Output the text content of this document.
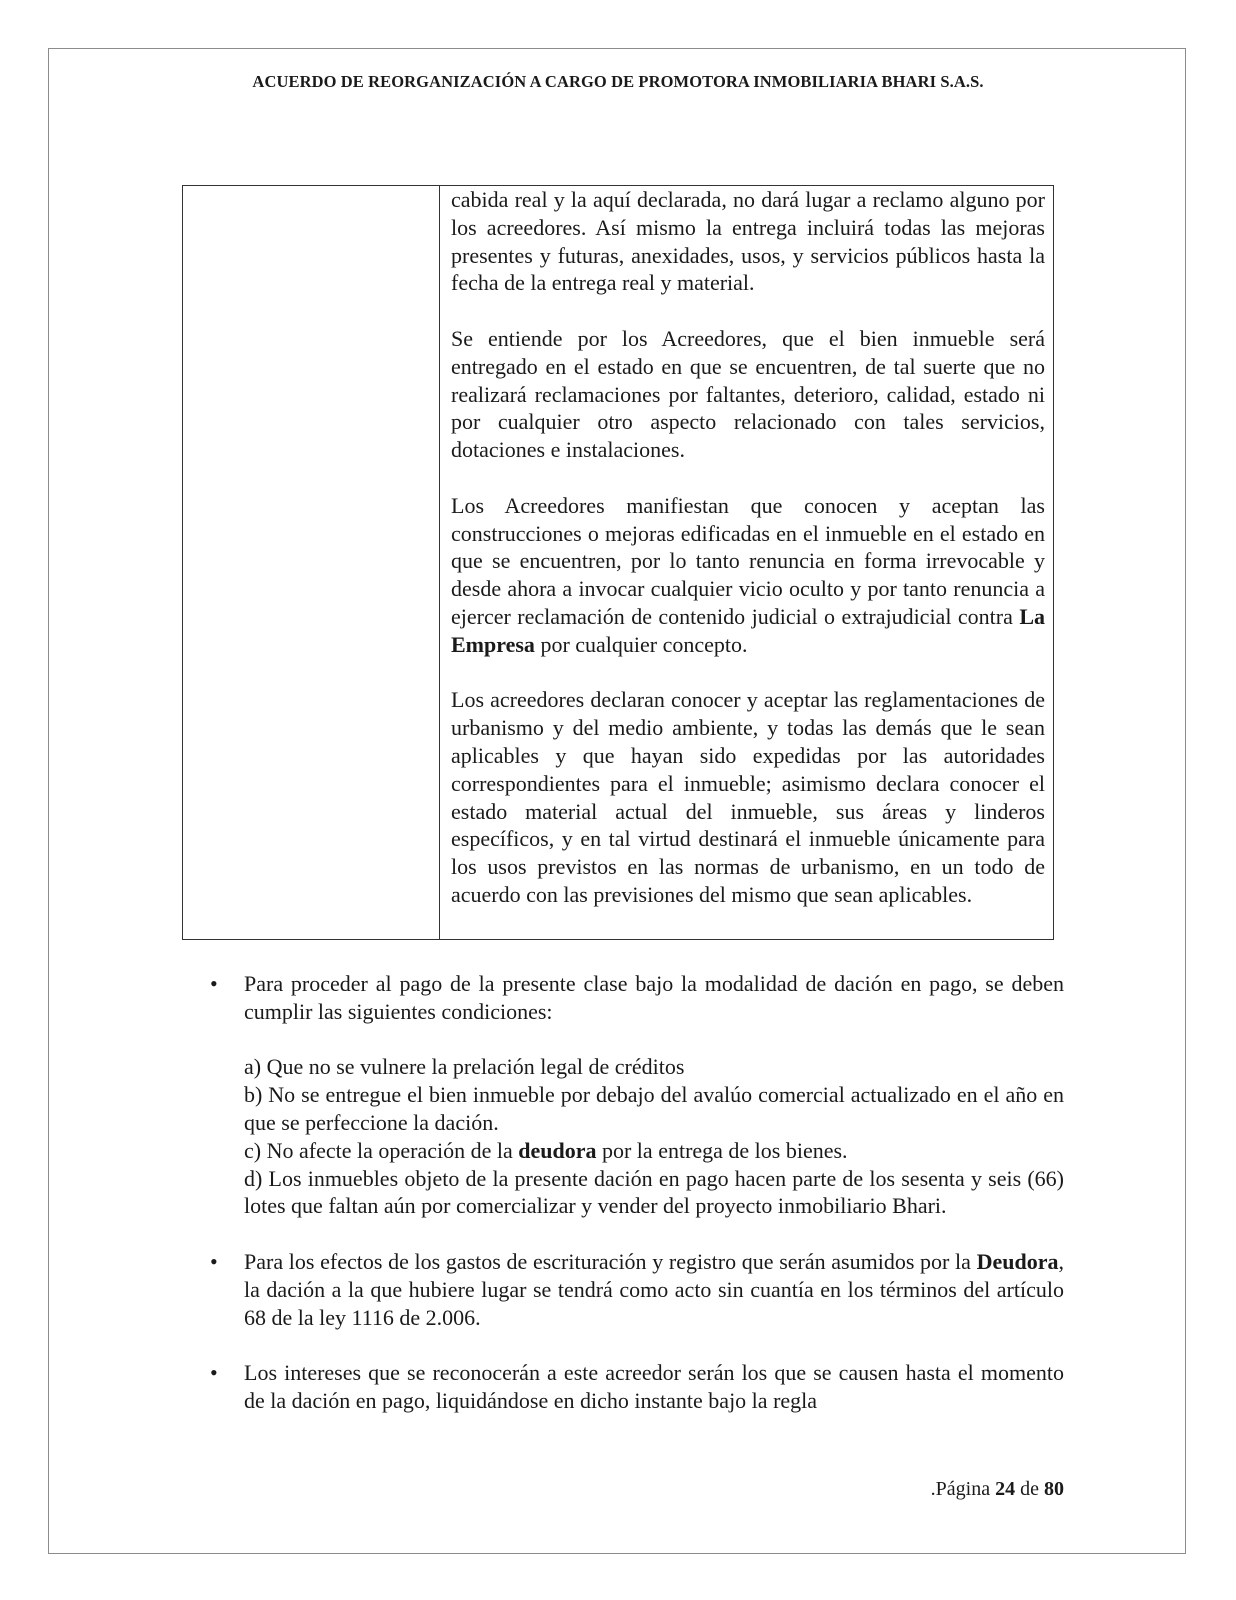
ACUERDO DE REORGANIZACIÓN A CARGO DE PROMOTORA INMOBILIARIA BHARI S.A.S.

cabida real y la aquí declarada, no dará lugar a reclamo alguno por los acreedores. Así mismo la entrega incluirá todas las mejoras presentes y futuras, anexidades, usos, y servicios públicos hasta la fecha de la entrega real y material.

Se entiende por los Acreedores, que el bien inmueble será entregado en el estado en que se encuentren, de tal suerte que no realizará reclamaciones por faltantes, deterioro, calidad, estado ni por cualquier otro aspecto relacionado con tales servicios, dotaciones e instalaciones.

Los Acreedores manifiestan que conocen y aceptan las construcciones o mejoras edificadas en el inmueble en el estado en que se encuentren, por lo tanto renuncia en forma irrevocable y desde ahora a invocar cualquier vicio oculto y por tanto renuncia a ejercer reclamación de contenido judicial o extrajudicial contra La Empresa por cualquier concepto.

Los acreedores declaran conocer y aceptar las reglamentaciones de urbanismo y del medio ambiente, y todas las demás que le sean aplicables y que hayan sido expedidas por las autoridades correspondientes para el inmueble; asimismo declara conocer el estado material actual del inmueble, sus áreas y linderos específicos, y en tal virtud destinará el inmueble únicamente para los usos previstos en las normas de urbanismo, en un todo de acuerdo con las previsiones del mismo que sean aplicables.

•	Para proceder al pago de la presente clase bajo la modalidad de dación en pago, se deben cumplir las siguientes condiciones:

a) Que no se vulnere la prelación legal de créditos
b) No se entregue el bien inmueble por debajo del avalúo comercial actualizado en el año en que se perfeccione la dación.
c) No afecte la operación de la deudora por la entrega de los bienes.
d) Los inmuebles objeto de la presente dación en pago hacen parte de los sesenta y seis (66) lotes que faltan aún por comercializar y vender del proyecto inmobiliario Bhari.
•	Para los efectos de los gastos de escrituración y registro que serán asumidos por la Deudora, la dación a la que hubiere lugar se tendrá como acto sin cuantía en los términos del artículo 68 de la ley 1116 de 2.006.

•	Los intereses que se reconocerán a este acreedor serán los que se causen hasta el momento de la dación en pago, liquidándose en dicho instante bajo la regla

.Página 24 de 80
